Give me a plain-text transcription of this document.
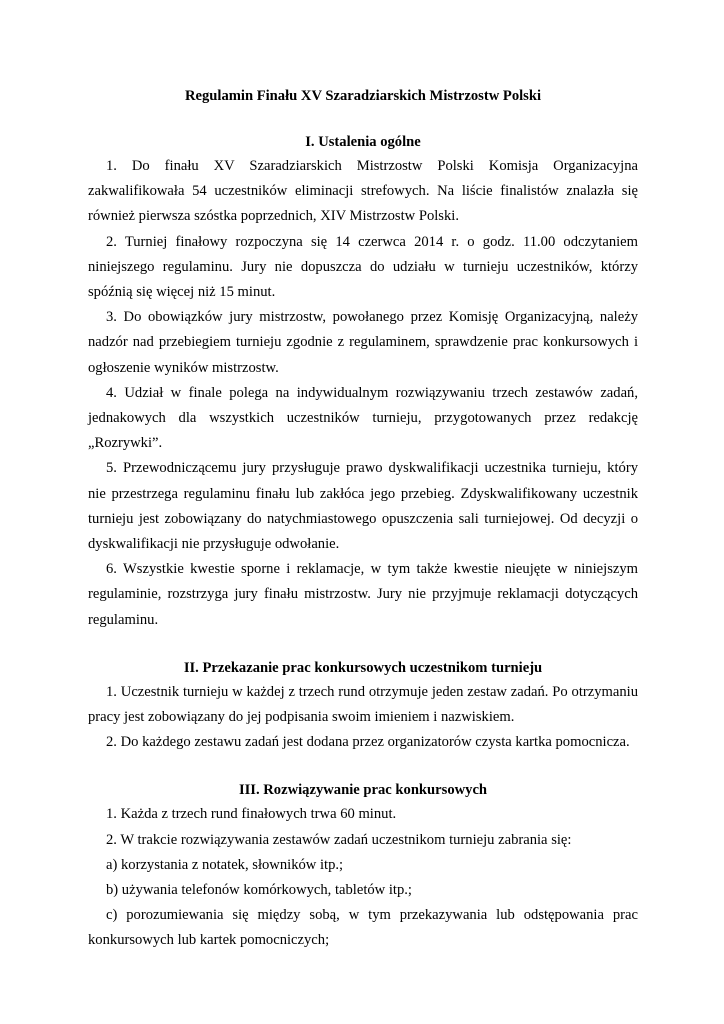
Regulamin Finału XV Szaradziarskich Mistrzostw Polski
I. Ustalenia ogólne

1. Do finału XV Szaradziarskich Mistrzostw Polski Komisja Organizacyjna zakwalifikowała 54 uczestników eliminacji strefowych. Na liście finalistów znalazła się również pierwsza szóstka poprzednich, XIV Mistrzostw Polski.

2. Turniej finałowy rozpoczyna się 14 czerwca 2014 r. o godz. 11.00 odczytaniem niniejszego regulaminu. Jury nie dopuszcza do udziału w turnieju uczestników, którzy spóźnią się więcej niż 15 minut.

3. Do obowiązków jury mistrzostw, powołanego przez Komisję Organizacyjną, należy nadzór nad przebiegiem turnieju zgodnie z regulaminem, sprawdzenie prac konkursowych i ogłoszenie wyników mistrzostw.

4. Udział w finale polega na indywidualnym rozwiązywaniu trzech zestawów zadań, jednakowych dla wszystkich uczestników turnieju, przygotowanych przez redakcję „Rozrywki”.

5. Przewodniczącemu jury przysługuje prawo dyskwalifikacji uczestnika turnieju, który nie przestrzega regulaminu finału lub zakłóca jego przebieg. Zdyskwalifikowany uczestnik turnieju jest zobowiązany do natychmiastowego opuszczenia sali turniejowej. Od decyzji o dyskwalifikacji nie przysługuje odwołanie.

6. Wszystkie kwestie sporne i reklamacje, w tym także kwestie nieujęte w niniejszym regulaminie, rozstrzyga jury finału mistrzostw. Jury nie przyjmuje reklamacji dotyczących regulaminu.

II. Przekazanie prac konkursowych uczestnikom turnieju

1. Uczestnik turnieju w każdej z trzech rund otrzymuje jeden zestaw zadań. Po otrzymaniu pracy jest zobowiązany do jej podpisania swoim imieniem i nazwiskiem.

2. Do każdego zestawu zadań jest dodana przez organizatorów czysta kartka pomocnicza.

III. Rozwiązywanie prac konkursowych

1. Każda z trzech rund finałowych trwa 60 minut.

2. W trakcie rozwiązywania zestawów zadań uczestnikom turnieju zabrania się:

a) korzystania z notatek, słowników itp.;

b) używania telefonów komórkowych, tabletów itp.;

c) porozumiewania się między sobą, w tym przekazywania lub odstępowania prac konkursowych lub kartek pomocniczych;
